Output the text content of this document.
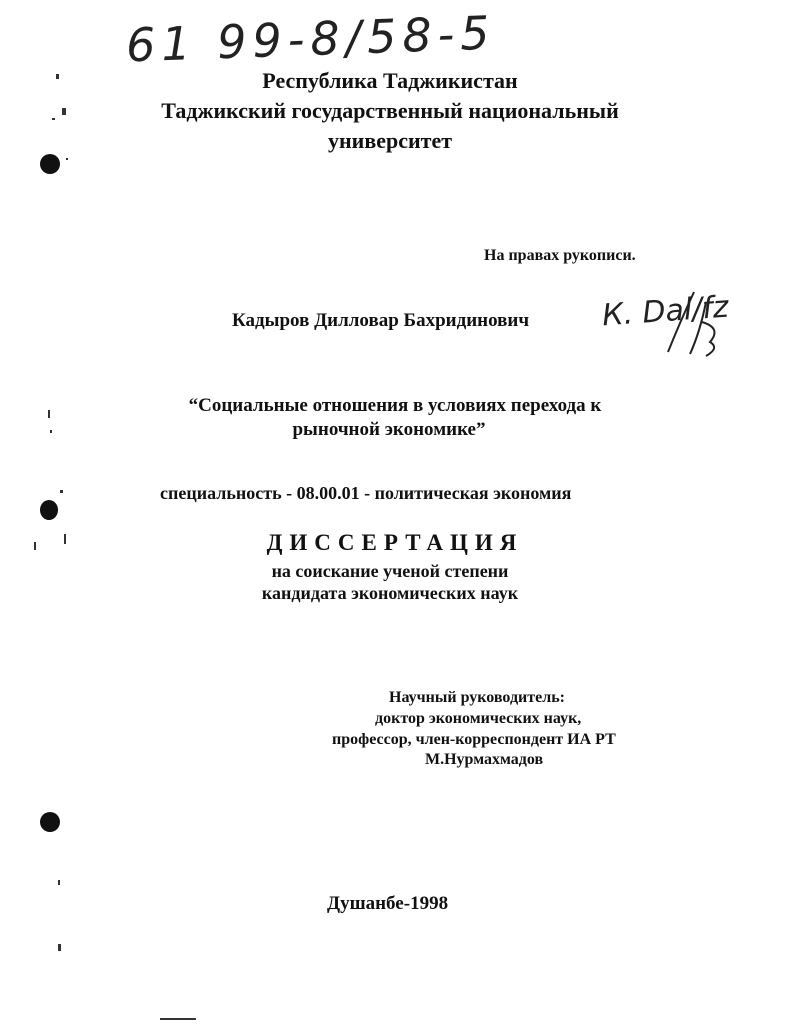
61 99-8/58-5
Республика Таджикистан
Таджикский государственный национальный
университет
На правах рукописи.
Кадыров Дилловар Бахридинович К. Dal/fz
“Социальные отношения в условиях перехода к
рыночной экономике”
специальность - 08.00.01 - политическая экономия
ДИССЕРТАЦИЯ
на соискание ученой степени
кандидата экономических наук
Научный руководитель:
доктор экономических наук,
профессор, член-корреспондент ИА РТ
М.Нурмахмадов
Душанбе-1998
